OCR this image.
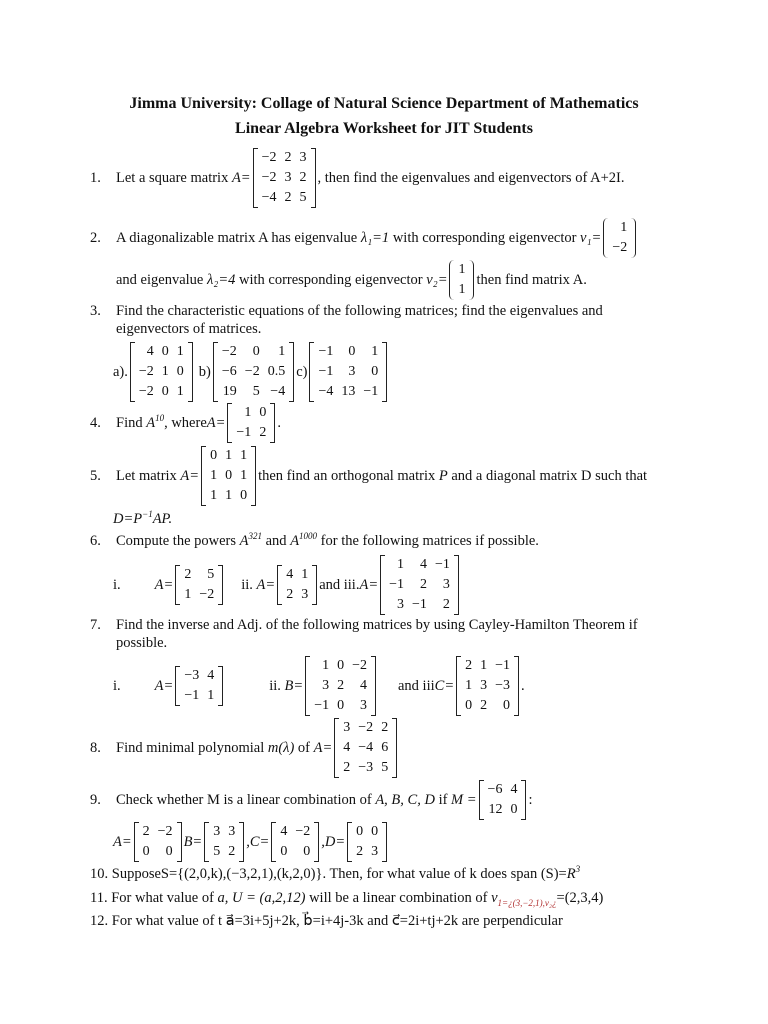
Jimma University: Collage of Natural Science Department of Mathematics
Linear Algebra Worksheet for JIT Students
1.	Let a square matrix
A=
−2	2	3
−2	3	2
−4	2	5
, then find the eigenvalues and eigenvectors of A+2I.
2.	A diagonalizable matrix A has eigenvalue
λ₁=1
with corresponding eigenvector
v₁=
1
−2
and eigenvalue
λ₂=4
with corresponding eigenvector
v₂=
1
1
then find matrix A.
3. Find the characteristic equations of the following matrices; find the eigenvalues and
eigenvectors of matrices.
a).
4	0	1
−2	1	0
−2	0	1
b)
−2	0	1
−6	−2	0.5
19	5	−4
c)
−1	0	1
−1	3	0
−4	13	−1
4.	Find
$A^{10}$ , where A=
1	0
−1	2
.
5.	Let matrix
A=
0	1	1
1	0	1
1	1	0
then find an orthogonal matrix
P
and a diagonal matrix D such that
$D=P^{-1}AP$.
6.	Compute the powers
$A^{321}$
and
$A^{1000}$
for the following matrices if possible.
i. A=
2	5
1	−2
ii.
A=
4	1
2	3
and
iii. A=
1	4	−1
−1	2	3
3	−1	2
7. Find the inverse and Adj. of the following matrices by using Cayley-Hamilton Theorem if
possible.
i. A=
−3	4
−1	1
ii.
B=
1	0	−2
3	2	4
−1	0	3
and iii C=
2	1	−1
1	3	−3
0	2	0
.
8.	Find minimal polynomial
m(λ)
of
A=
3	−2	2
4	−4	6
2	−3	5
9.	Check whether M is a linear combination of
A, B, C, D
if
M =
−6	4
12	0
:
A=
2	−2
0	0
B=
3	3
5	2
,C=
4	−2
0	0
,D=
0	0
2	3
10. SupposeS={(2,0,k),(−3,2,1),(k,2,0)}. Then, for what value of k does span $(S)=R^3$
11. For what value of a, U = (a,2,12) will be a linear combination of $v_{1=¿(3,-2,1),v_2¿}=(2,3,4)$
12. For what value of t a⃗=3i+5j+2k, b⃗=i+4j-3k and c⃗=2i+tj+2k are perpendicular
